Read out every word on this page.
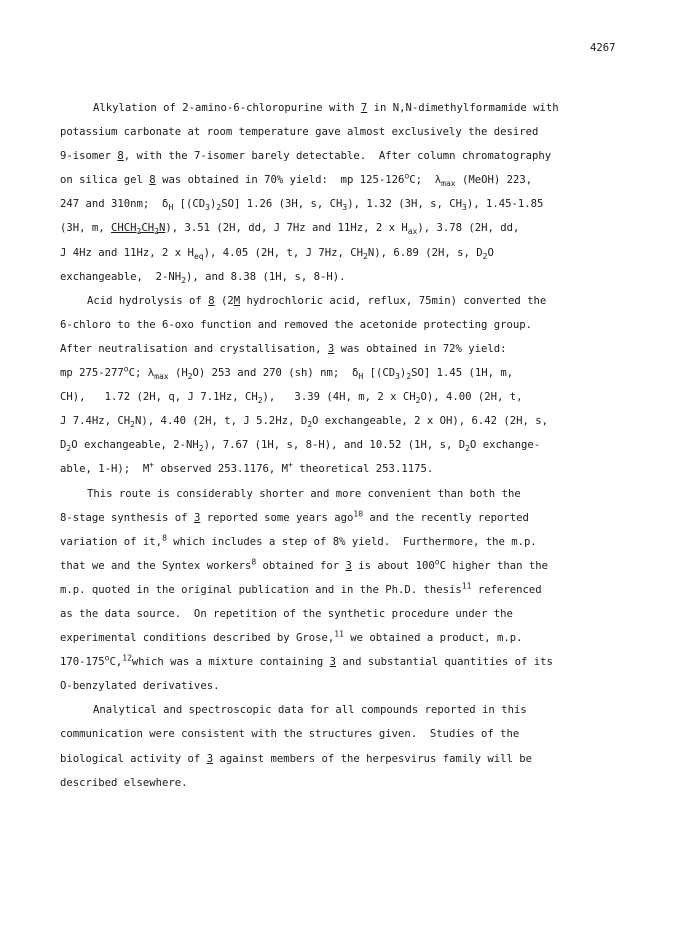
4267
Alkylation of 2-amino-6-chloropurine with 7 in N,N-dimethylformamide with
potassium carbonate at room temperature gave almost exclusively the desired
9-isomer 8, with the 7-isomer barely detectable.  After column chromatography
on silica gel 8 was obtained in 70% yield:  mp 125-126$^o$C;  $\lambda_{max}$ (MeOH) 223,
247 and 310nm;  $\delta_H$ $[(CD_3)_2SO]$ 1.26 (3H, s, $CH_3$), 1.32 (3H, s, $CH_3$), 1.45-1.85
(3H, m, $CHCH_2CH_2N$), 3.51 (2H, dd, J 7Hz and 11Hz, 2 x $H_{ax}$), 3.78 (2H, dd,
J 4Hz and 11Hz, 2 x $H_{eq}$), 4.05 (2H, t, J 7Hz, $CH_2N$), 6.89 (2H, s, $D_2O$
exchangeable,  $2-NH_2$), and 8.38 (1H, s, 8-H).
Acid hydrolysis of 8 (2M hydrochloric acid, reflux, 75min) converted the
6-chloro to the 6-oxo function and removed the acetonide protecting group.
After neutralisation and crystallisation, 3 was obtained in 72% yield:
mp 275-277$^o$C; $\lambda_{max}$ $(H_2O)$ 253 and 270 (sh) nm;  $\delta_H$ $[(CD_3)_2SO]$ 1.45 (1H, m,
CH),   1.72 (2H, q, J 7.1Hz, $CH_2$),   3.39 (4H, m, 2 x $CH_2O$), 4.00 (2H, t,
J 7.4Hz, $CH_2N$), 4.40 (2H, t, J 5.2Hz, $D_2O$ exchangeable, 2 x OH), 6.42 (2H, s,
$D_2O$ exchangeable, $2-NH_2$), 7.67 (1H, s, 8-H), and 10.52 (1H, s, $D_2O$ exchange-
able, 1-H);  M+ observed 253.1176, M+ theoretical 253.1175.
This route is considerably shorter and more convenient than both the
8-stage synthesis of 3 reported some years ago$^{10}$ and the recently reported
variation of it,$^8$ which includes a step of 8% yield.  Furthermore, the m.p.
that we and the Syntex workers$^8$ obtained for 3 is about 100$^o$C higher than the
m.p. quoted in the original publication and in the Ph.D. thesis$^{11}$ referenced
as the data source.  On repetition of the synthetic procedure under the
experimental conditions described by Grose,$^{11}$ we obtained a product, m.p.
170-175$^o$C,$^{12}$which was a mixture containing 3 and substantial quantities of its
O-benzylated derivatives.
Analytical and spectroscopic data for all compounds reported in this
communication were consistent with the structures given.  Studies of the
biological activity of 3 against members of the herpesvirus family will be
described elsewhere.
